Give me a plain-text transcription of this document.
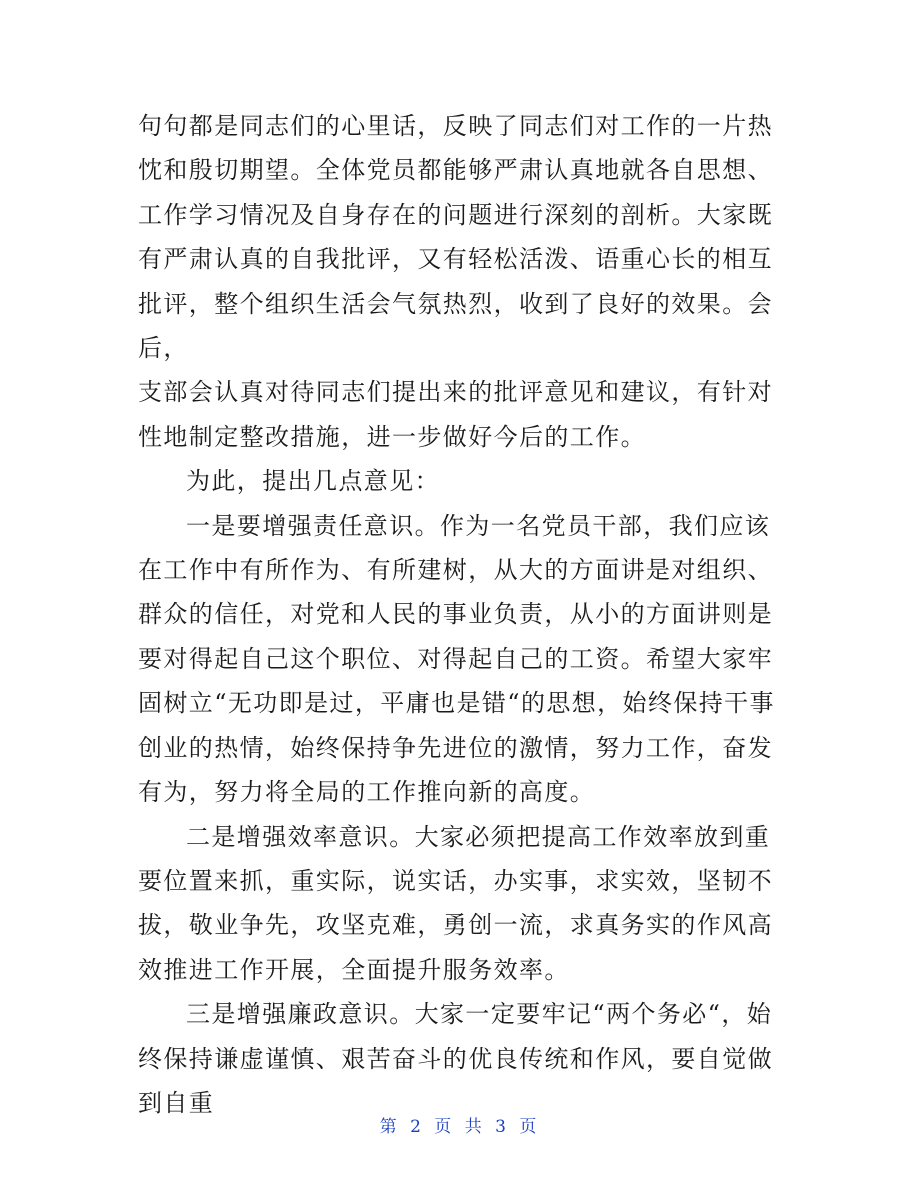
句句都是同志们的心里话，反映了同志们对工作的一片热忱和殷切期望。全体党员都能够严肃认真地就各自思想、工作学习情况及自身存在的问题进行深刻的剖析。大家既有严肃认真的自我批评，又有轻松活泼、语重心长的相互批评，整个组织生活会气氛热烈，收到了良好的效果。会后，

支部会认真对待同志们提出来的批评意见和建议，有针对性地制定整改措施，进一步做好今后的工作。

为此，提出几点意见：

一是要增强责任意识。作为一名党员干部，我们应该在工作中有所作为、有所建树，从大的方面讲是对组织、群众的信任，对党和人民的事业负责，从小的方面讲则是要对得起自己这个职位、对得起自己的工资。希望大家牢固树立“无功即是过，平庸也是错“的思想，始终保持干事创业的热情，始终保持争先进位的激情，努力工作，奋发有为，努力将全局的工作推向新的高度。

二是增强效率意识。大家必须把提高工作效率放到重要位置来抓，重实际，说实话，办实事，求实效，坚韧不拔，敬业争先，攻坚克难，勇创一流，求真务实的作风高效推进工作开展，全面提升服务效率。

三是增强廉政意识。大家一定要牢记“两个务必“，始终保持谦虚谨慎、艰苦奋斗的优良传统和作风，要自觉做到自重

第 2 页 共 3 页
